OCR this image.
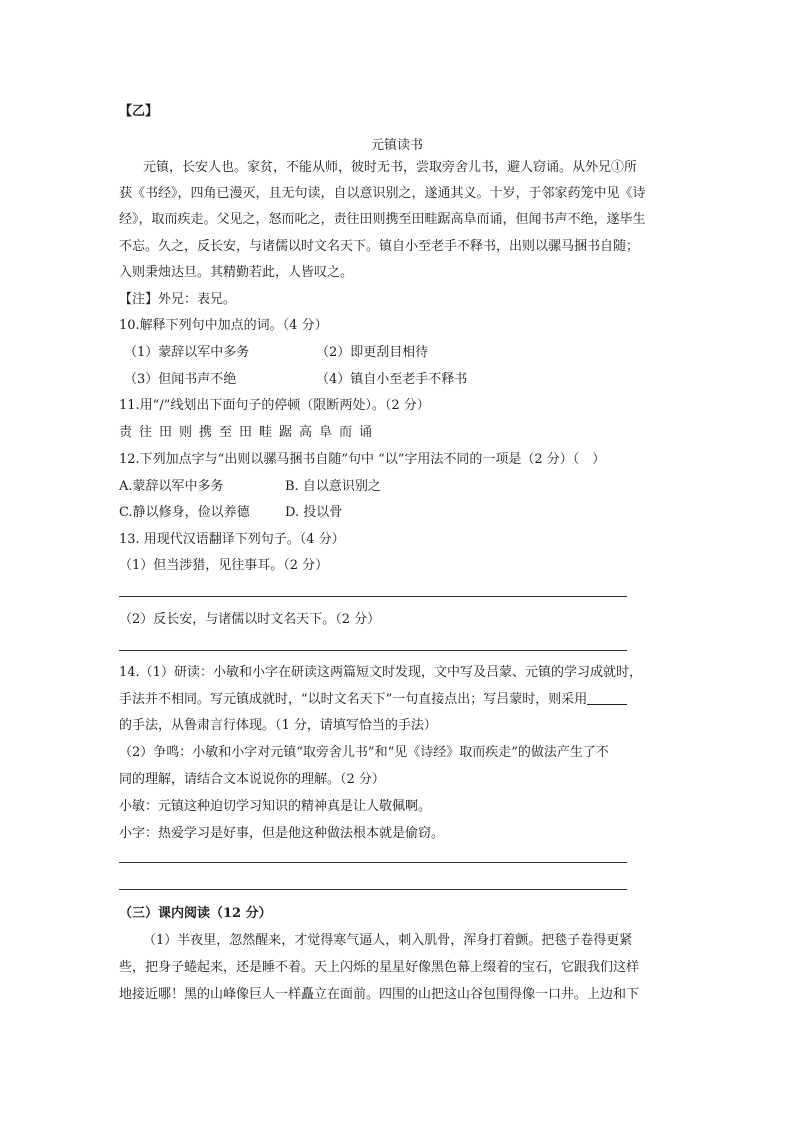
【乙】
元镇读书
元镇，长安人也。家贫，不能从师，彼时无书，尝取旁舍儿书，避人窃诵。从外兄①所
获《书经》，四角已漫灭，且无句读，自以意识别之，遂通其义。十岁，于邻家药笼中见《诗
经》，取而疾走。父见之，怒而叱之，责往田则携至田畦踞高阜而诵，但闻书声不绝，遂毕生
不忘。久之，反长安，与诸儒以时文名天下。镇自小至老手不释书，出则以骡马捆书自随；
入则秉烛达旦。其精勤若此，人皆叹之。
【注】外兄：表兄。
10.解释下列句中加点的词。（4 分）
（1）蒙辞以军中多务	（2）即更刮目相待
（3）但闻书声不绝	（4）镇自小至老手不释书
11.用“/”线划出下面句子的停顿（限断两处）。（2 分）
责往田则携至田畦踞高阜而诵
12.下列加点字与“出则以骡马捆书自随”句中 “以”字用法不同的一项是（2 分）（　）
A.蒙辞以军中多务	B. 自以意识别之
C.静以修身，俭以养德	D. 投以骨
13. 用现代汉语翻译下列句子。（4 分）
（1）但当涉猎，见往事耳。（2 分）
（2）反长安，与诸儒以时文名天下。（2 分）
14.（1）研读：小敏和小字在研读这两篇短文时发现，文中写及吕蒙、元镇的学习成就时，
手法并不相同。写元镇成就时，“以时文名天下”一句直接点出；写吕蒙时，则采用
的手法，从鲁肃言行体现。（1 分，请填写恰当的手法）
（2）争鸣：小敏和小字对元镇“取旁舍儿书”和“见《诗经》取而疾走”的做法产生了不
同的理解，请结合文本说说你的理解。（2 分）
小敏：元镇这种迫切学习知识的精神真是让人敬佩啊。
小字：热爱学习是好事，但是他这种做法根本就是偷窃。
（三）课内阅读（12 分）
（1）半夜里，忽然醒来，才觉得寒气逼人，刺入肌骨，浑身打着颤。把毯子卷得更紧
些，把身子蜷起来，还是睡不着。天上闪烁的星星好像黑色幕上缀着的宝石，它跟我们这样
地接近哪！黑的山峰像巨人一样矗立在面前。四围的山把这山谷包围得像一口井。上边和下
